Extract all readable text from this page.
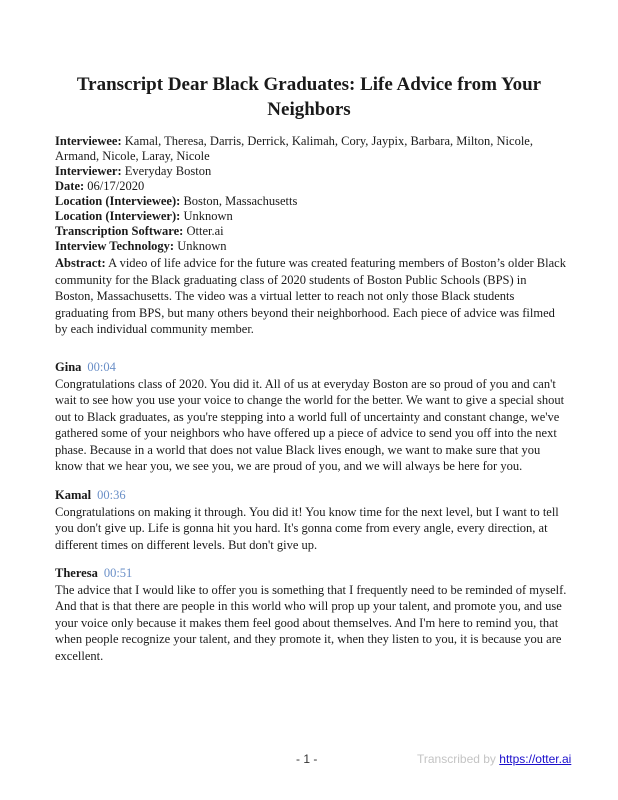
Transcript Dear Black Graduates: Life Advice from Your Neighbors
Interviewee: Kamal, Theresa, Darris, Derrick, Kalimah, Cory, Jaypix, Barbara, Milton, Nicole, Armand, Nicole, Laray, Nicole
Interviewer: Everyday Boston
Date: 06/17/2020
Location (Interviewee): Boston, Massachusetts
Location (Interviewer): Unknown
Transcription Software: Otter.ai
Interview Technology: Unknown
Abstract: A video of life advice for the future was created featuring members of Boston’s older Black community for the Black graduating class of 2020 students of Boston Public Schools (BPS) in Boston, Massachusetts. The video was a virtual letter to reach not only those Black students graduating from BPS, but many others beyond their neighborhood. Each piece of advice was filmed by each individual community member.
Gina 00:04
Congratulations class of 2020. You did it. All of us at everyday Boston are so proud of you and can't wait to see how you use your voice to change the world for the better. We want to give a special shout out to Black graduates, as you're stepping into a world full of uncertainty and constant change, we've gathered some of your neighbors who have offered up a piece of advice to send you off into the next phase. Because in a world that does not value Black lives enough, we want to make sure that you know that we hear you, we see you, we are proud of you, and we will always be here for you.
Kamal 00:36
Congratulations on making it through. You did it! You know time for the next level, but I want to tell you don't give up. Life is gonna hit you hard. It's gonna come from every angle, every direction, at different times on different levels. But don't give up.
Theresa 00:51
The advice that I would like to offer you is something that I frequently need to be reminded of myself. And that is that there are people in this world who will prop up your talent, and promote you, and use your voice only because it makes them feel good about themselves. And I'm here to remind you, that when people recognize your talent, and they promote it, when they listen to you, it is because you are excellent.
- 1 -	Transcribed by https://otter.ai
